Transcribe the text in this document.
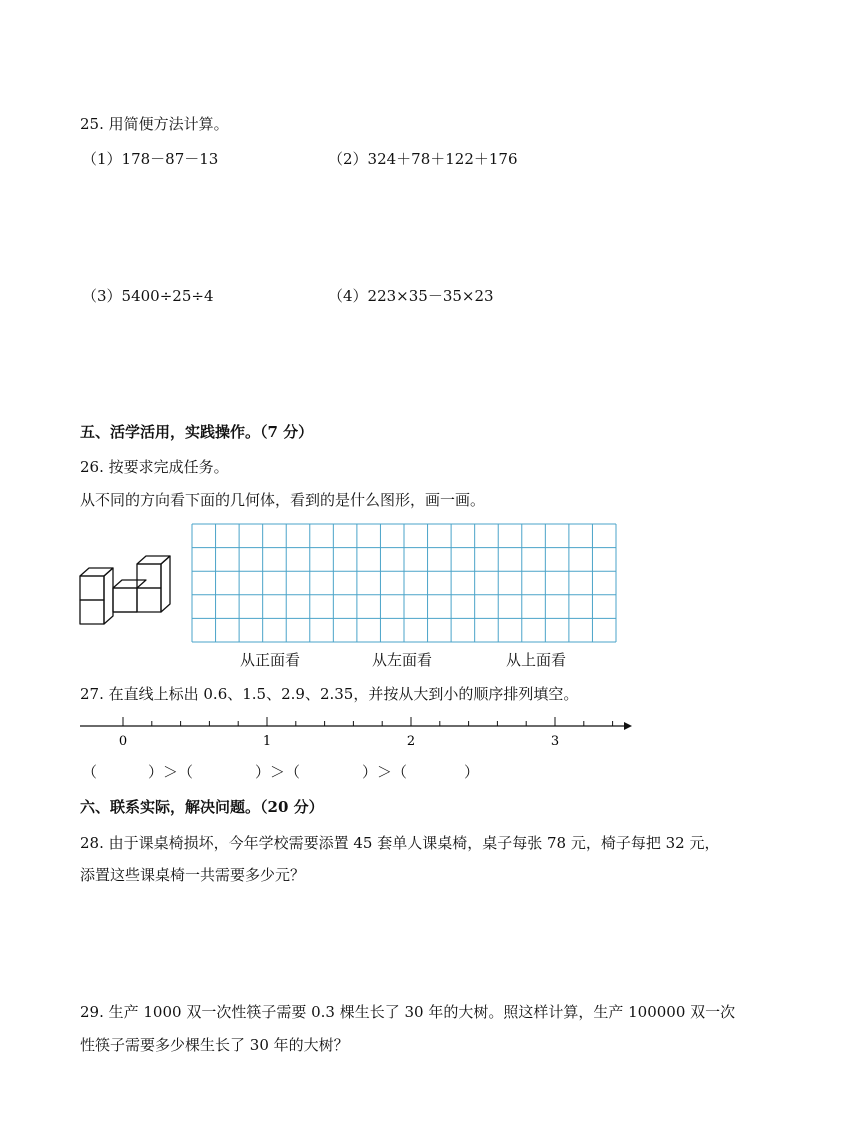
25. 用简便方法计算。
（1）178－87－13	（2）324＋78＋122＋176
（3）5400÷25÷4	（4）223×35－35×23
五、活学活用，实践操作。（7 分）
26. 按要求完成任务。
从不同的方向看下面的几何体，看到的是什么图形，画一画。
从正面看	从左面看	从上面看
27. 在直线上标出 0.6、1.5、2.9、2.35，并按从大到小的顺序排列填空。
0	1	2	3
（	）＞（	）＞（	）＞（	）
六、联系实际，解决问题。（20 分）
28. 由于课桌椅损坏，今年学校需要添置 45 套单人课桌椅，桌子每张 78 元，椅子每把 32 元，
添置这些课桌椅一共需要多少元？
29. 生产 1000 双一次性筷子需要 0.3 棵生长了 30 年的大树。照这样计算，生产 100000 双一次
性筷子需要多少棵生长了 30 年的大树？
